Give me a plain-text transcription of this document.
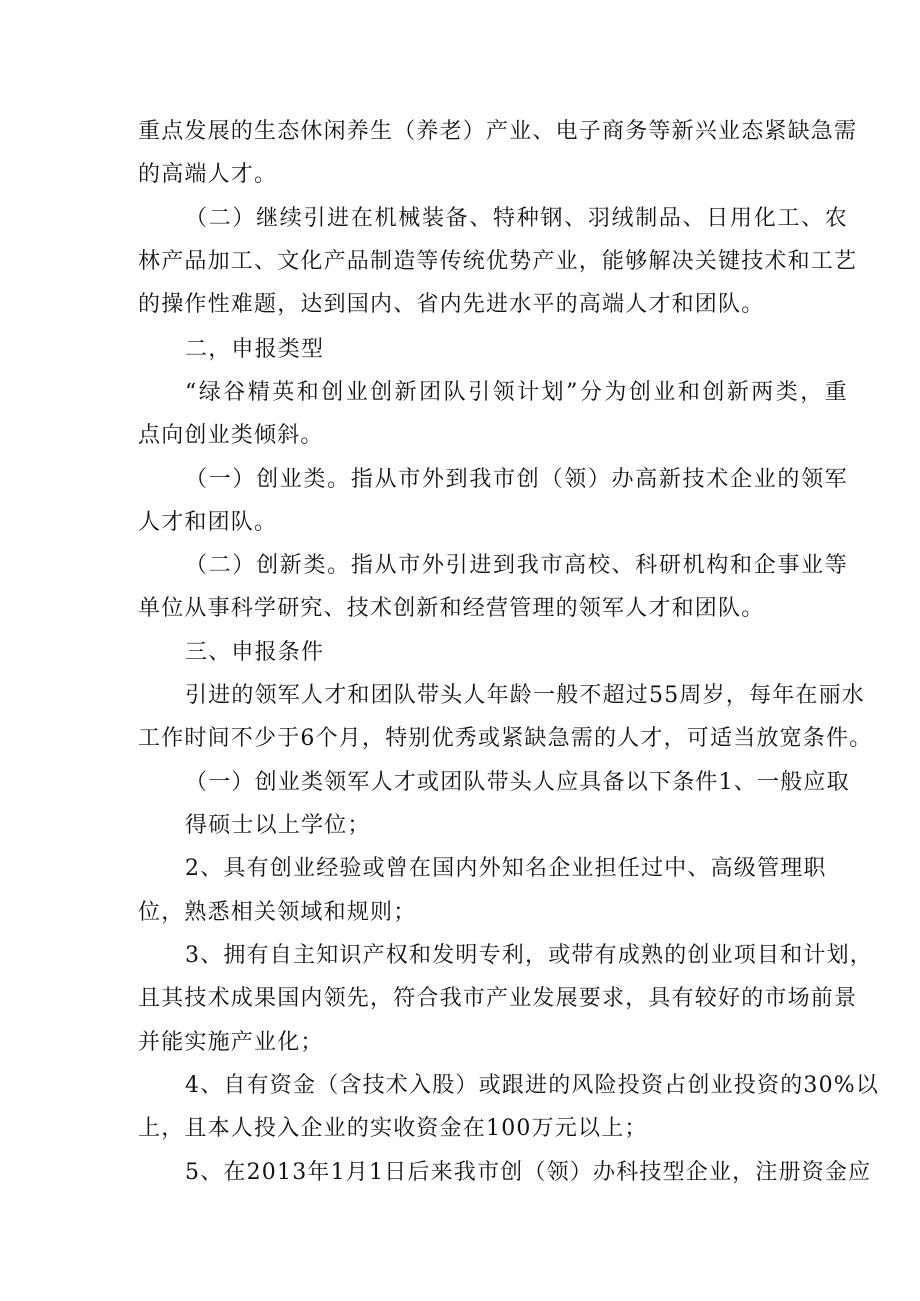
重点发展的生态休闲养生（养老）产业、电子商务等新兴业态紧缺急需
的高端人才。
（二）继续引进在机械装备、特种钢、羽绒制品、日用化工、农
林产品加工、文化产品制造等传统优势产业，能够解决关键技术和工艺
的操作性难题，达到国内、省内先进水平的高端人才和团队。
二，申报类型
“绿谷精英和创业创新团队引领计划”分为创业和创新两类，重
点向创业类倾斜。
（一）创业类。指从市外到我市创（领）办高新技术企业的领军
人才和团队。
（二）创新类。指从市外引进到我市高校、科研机构和企事业等
单位从事科学研究、技术创新和经营管理的领军人才和团队。
三、申报条件
引进的领军人才和团队带头人年龄一般不超过55周岁，每年在丽水
工作时间不少于6个月，特别优秀或紧缺急需的人才，可适当放宽条件。
（一）创业类领军人才或团队带头人应具备以下条件1、一般应取
得硕士以上学位；
2、具有创业经验或曾在国内外知名企业担任过中、高级管理职
位，熟悉相关领域和规则；
3、拥有自主知识产权和发明专利，或带有成熟的创业项目和计划，
且其技术成果国内领先，符合我市产业发展要求，具有较好的市场前景
并能实施产业化；
4、自有资金（含技术入股）或跟进的风险投资占创业投资的30%以
上，且本人投入企业的实收资金在100万元以上；
5、在2013年1月1日后来我市创（领）办科技型企业，注册资金应
